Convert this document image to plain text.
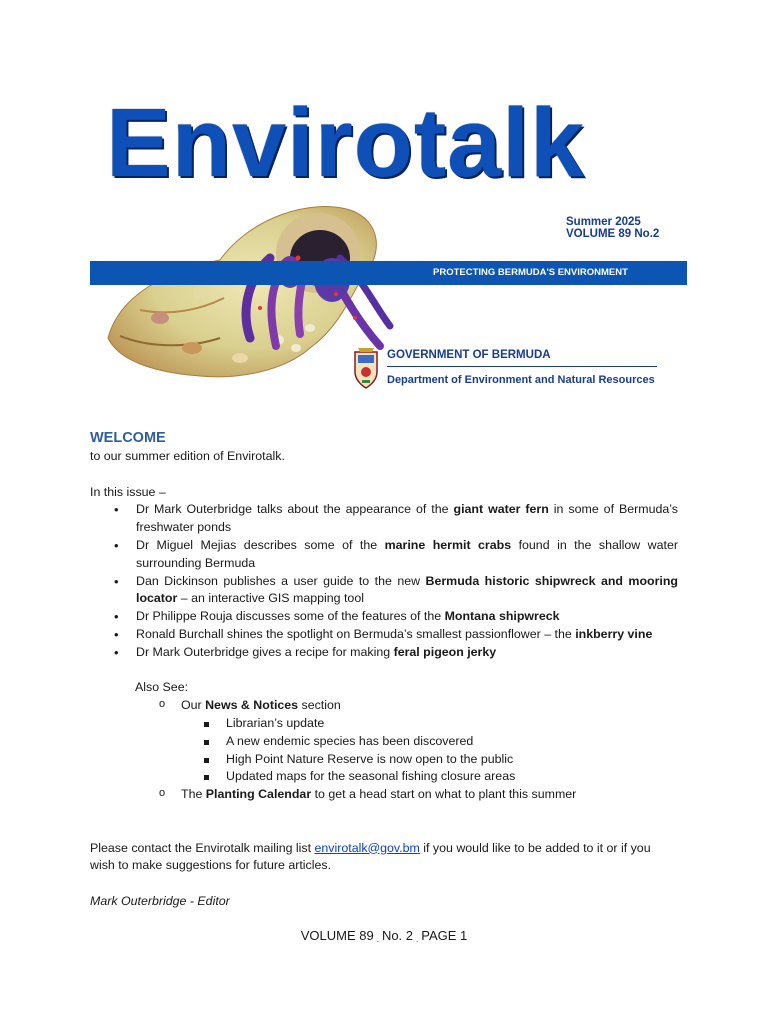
Envirotalk
Summer 2025
VOLUME 89 No.2
PROTECTING BERMUDA'S ENVIRONMENT
GOVERNMENT OF BERMUDA
Department of Environment and Natural Resources
WELCOME

to our summer edition of Envirotalk.

In this issue –

• Dr Mark Outerbridge talks about the appearance of the giant water fern in some of Bermuda’s freshwater ponds
• Dr Miguel Mejias describes some of the marine hermit crabs found in the shallow water surrounding Bermuda
• Dan Dickinson publishes a user guide to the new Bermuda historic shipwreck and mooring locator – an interactive GIS mapping tool
• Dr Philippe Rouja discusses some of the features of the Montana shipwreck
• Ronald Burchall shines the spotlight on Bermuda’s smallest passionflower – the inkberry vine
• Dr Mark Outerbridge gives a recipe for making feral pigeon jerky

Also See:

o Our News & Notices section
Librarian’s update
A new endemic species has been discovered
High Point Nature Reserve is now open to the public
Updated maps for the seasonal fishing closure areas
o The Planting Calendar to get a head start on what to plant this summer

Please contact the Envirotalk mailing list envirotalk@gov.bm if you would like to be added to it or if you wish to make suggestions for future articles.

Mark Outerbridge - Editor

VOLUME 89 . No. 2 . PAGE 1
